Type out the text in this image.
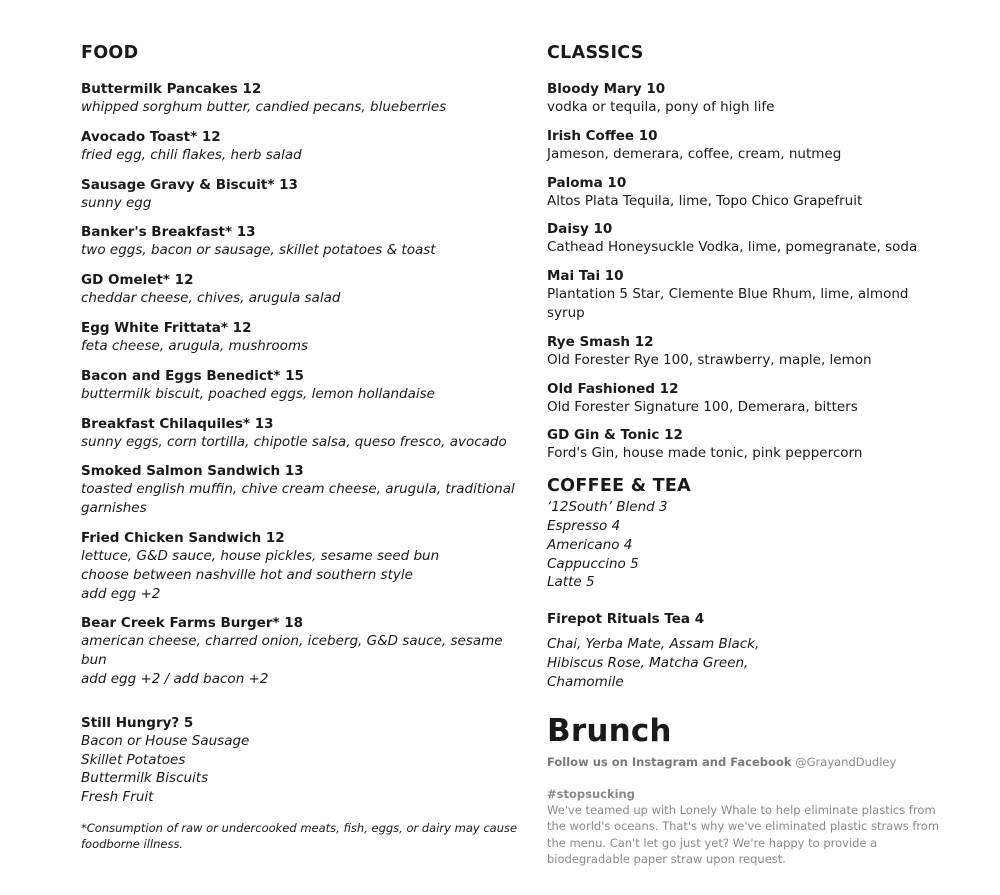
FOOD
Buttermilk Pancakes 12
whipped sorghum butter, candied pecans, blueberries
Avocado Toast* 12
fried egg, chili flakes, herb salad
Sausage Gravy & Biscuit* 13
sunny egg
Banker's Breakfast* 13
two eggs, bacon or sausage, skillet potatoes & toast
GD Omelet* 12
cheddar cheese, chives, arugula salad
Egg White Frittata* 12
feta cheese, arugula, mushrooms
Bacon and Eggs Benedict* 15
buttermilk biscuit, poached eggs, lemon hollandaise
Breakfast Chilaquiles* 13
sunny eggs, corn tortilla, chipotle salsa, queso fresco, avocado
Smoked Salmon Sandwich 13
toasted english muffin, chive cream cheese, arugula, traditional
garnishes
Fried Chicken Sandwich 12
lettuce, G&D sauce, house pickles, sesame seed bun
choose between nashville hot and southern style
add egg +2
Bear Creek Farms Burger* 18
american cheese, charred onion, iceberg, G&D sauce, sesame bun
add egg +2 / add bacon +2
Still Hungry? 5
Bacon or House Sausage
Skillet Potatoes
Buttermilk Biscuits
Fresh Fruit
*Consumption of raw or undercooked meats, fish, eggs, or dairy may cause
foodborne illness.
CLASSICS
Bloody Mary 10
vodka or tequila, pony of high life
Irish Coffee 10
Jameson, demerara, coffee, cream, nutmeg
Paloma 10
Altos Plata Tequila, lime, Topo Chico Grapefruit
Daisy 10
Cathead Honeysuckle Vodka, lime, pomegranate, soda
Mai Tai 10
Plantation 5 Star, Clemente Blue Rhum, lime, almond syrup
Rye Smash 12
Old Forester Rye 100, strawberry, maple, lemon
Old Fashioned 12
Old Forester Signature 100, Demerara, bitters
GD Gin & Tonic 12
Ford's Gin, house made tonic, pink peppercorn
COFFEE & TEA
‘12South’ Blend 3
Espresso 4
Americano 4
Cappuccino 5
Latte 5
Firepot Rituals Tea 4
Chai, Yerba Mate, Assam Black,
Hibiscus Rose, Matcha Green,
Chamomile
Brunch
Follow us on Instagram and Facebook @GrayandDudley
#stopsucking
We've teamed up with Lonely Whale to help eliminate plastics from
the world's oceans. That's why we've eliminated plastic straws from
the menu. Can't let go just yet? We're happy to provide a
biodegradable paper straw upon request.
